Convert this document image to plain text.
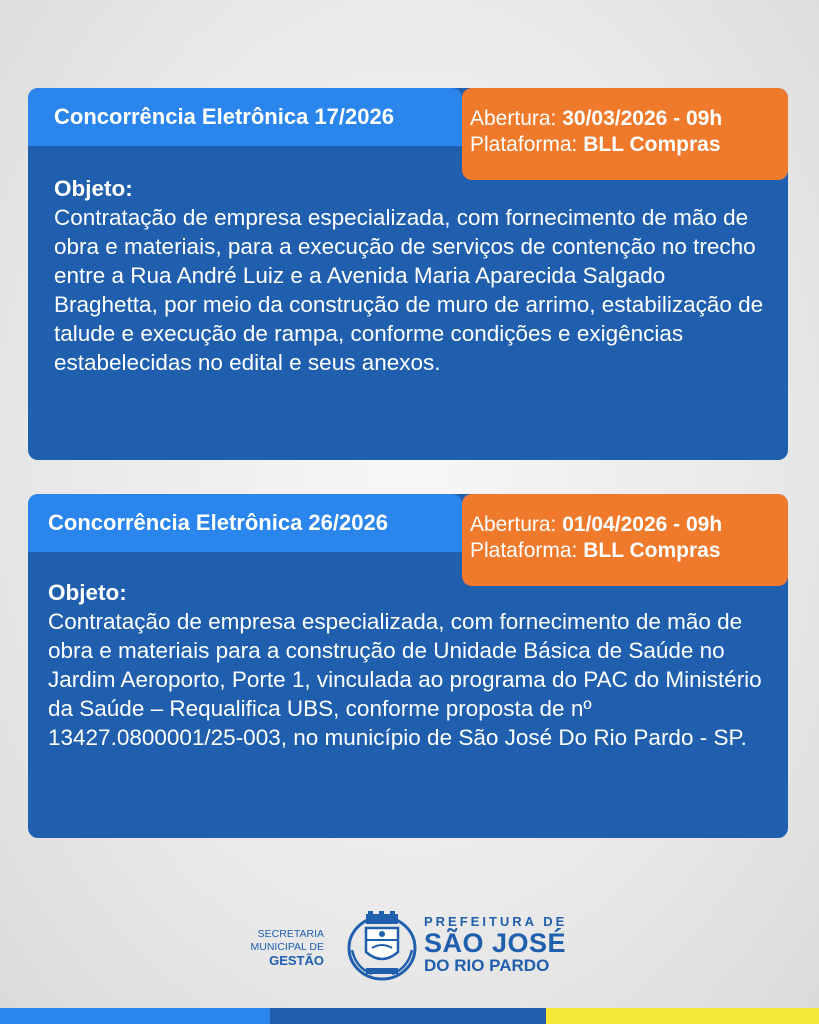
Concorrência Eletrônica 17/2026	Abertura: 30/03/2026 - 09h
Plataforma: BLL Compras
Objeto:
Contratação de empresa especializada, com fornecimento de mão de obra e materiais, para a execução de serviços de contenção no trecho entre a Rua André Luiz e a Avenida Maria Aparecida Salgado Braghetta, por meio da construção de muro de arrimo, estabilização de talude e execução de rampa, conforme condições e exigências estabelecidas no edital e seus anexos.
Concorrência Eletrônica 26/2026	Abertura: 01/04/2026 - 09h
Plataforma: BLL Compras
Objeto:
Contratação de empresa especializada, com fornecimento de mão de obra e materiais para a construção de Unidade Básica de Saúde no Jardim Aeroporto, Porte 1, vinculada ao programa do PAC do Ministério da Saúde – Requalifica UBS, conforme proposta de nº 13427.0800001/25-003, no município de São José Do Rio Pardo - SP.
SECRETARIA
MUNICIPAL DE
GESTÃO
PREFEITURA DE
SÃO JOSÉ
DO RIO PARDO
